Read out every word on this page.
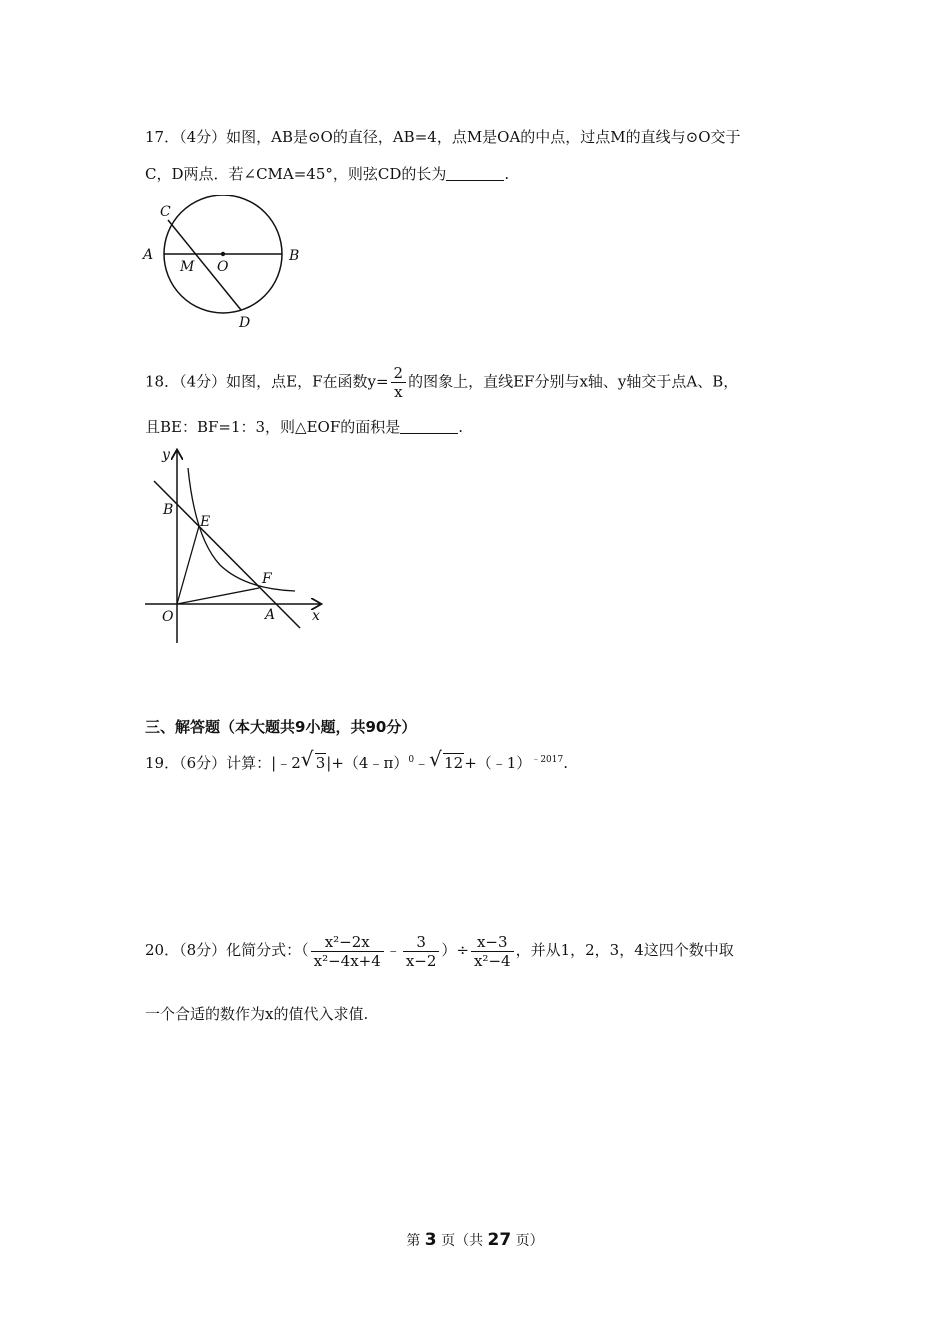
17．（4分）如图，AB是⊙O的直径，AB=4，点M是OA的中点，过点M的直线与⊙O交于
C，D两点．若∠CMA=45°，则弦CD的长为	.
C
A
M O
B
D
18．（4分）如图，点E，F在函数$y= \frac{2}{x}$ 的图象上，直线EF分别与x轴、y轴交于点A、B，
且BE：BF=1：3，则△EOF的面积是	.
y
B
E
F
O	A	x
三、解答题（本大题共9小题，共90分）
19．（6分）计算：|﹣2 √ 3|+（4﹣π）$^0$﹣ √ 12+（﹣1）$^{﹣2017}$.
20．（8分）化简分式：（ $\frac{\text{x²−2x}}{\text{x²−4x+4}}$ ﹣ $\frac{3}{x-2}$ ）÷ $\frac{x-3}{\text{x²−4}}$ ，并从1，2，3，4这四个数中取
一个合适的数作为x的值代入求值.
第 3 页（共 27 页）
